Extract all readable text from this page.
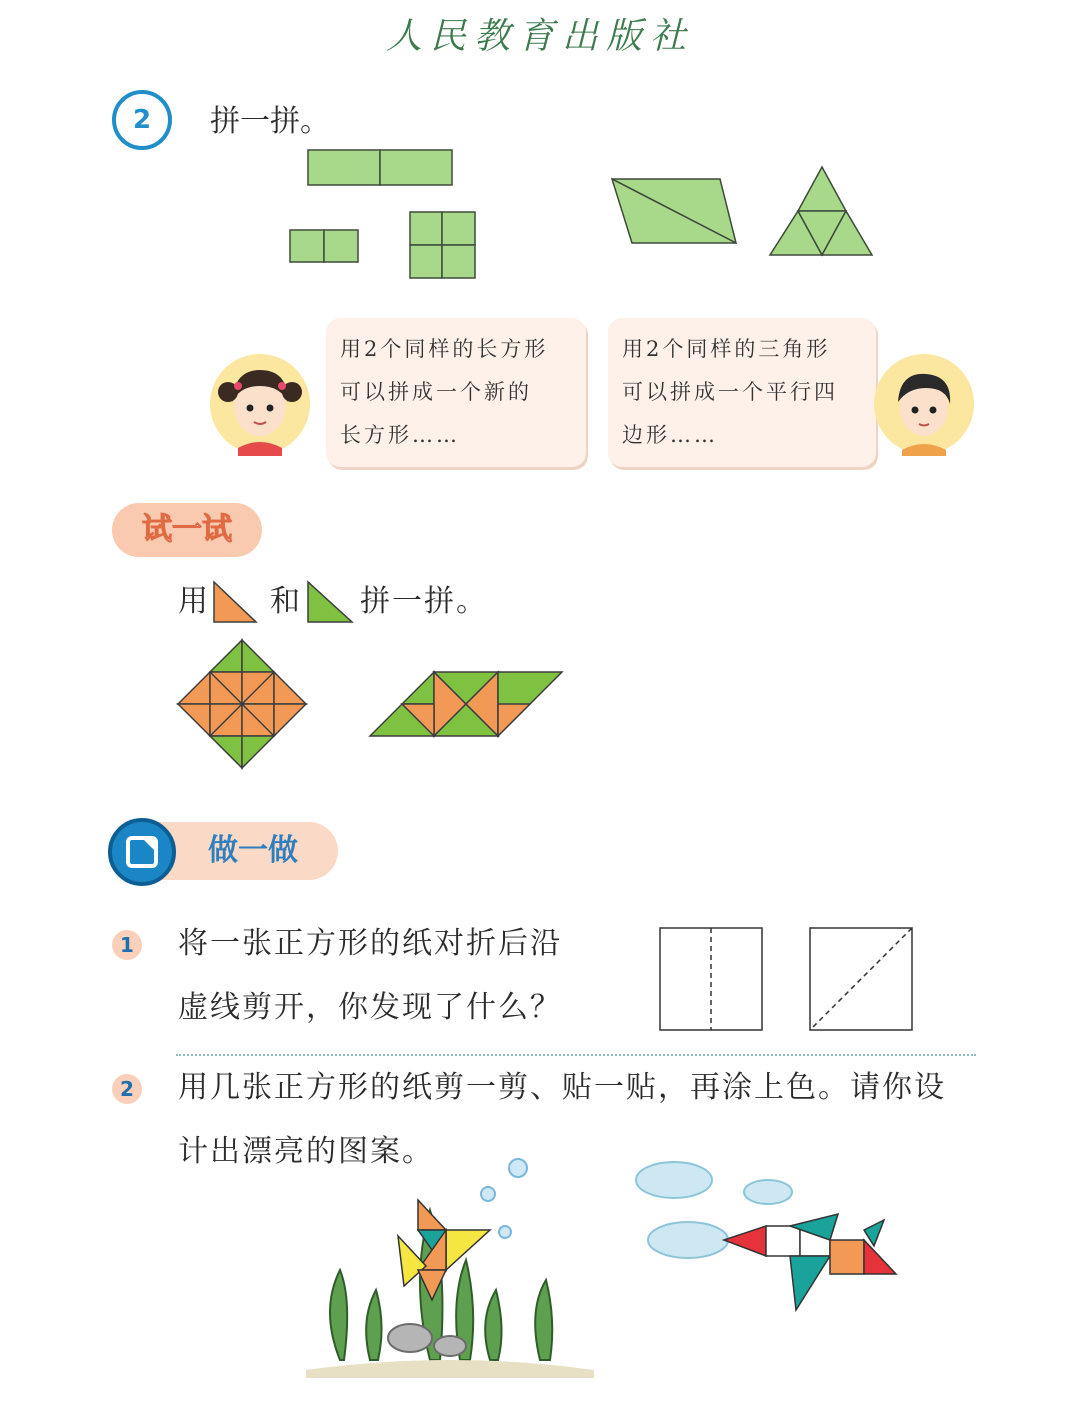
人民教育出版社
2	拼一拼。
用2个同样的长方形
可以拼成一个新的
长方形……
用2个同样的三角形
可以拼成一个平行四
边形……
试一试
用 和 拼一拼。
做一做
1 将一张正方形的纸对折后沿
虚线剪开，你发现了什么？
2 用几张正方形的纸剪一剪、贴一贴，再涂上色。请你设
计出漂亮的图案。
